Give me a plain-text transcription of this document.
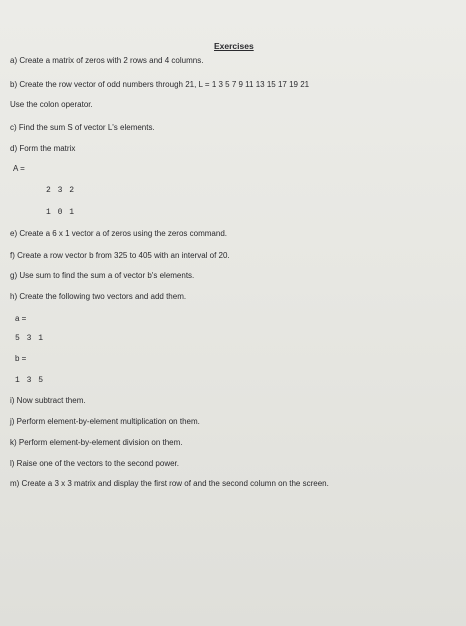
Exercises
a) Create a matrix of zeros with 2 rows and 4 columns.
b) Create the row vector of odd numbers through 21, L = 1 3 5 7 9 11 13 15 17 19 21
Use the colon operator.
c) Find the sum S of vector L's elements.
d) Form the matrix
A =
2 3 2
1 0 1
e) Create a 6 x 1 vector a of zeros using the zeros command.
f) Create a row vector b from 325 to 405 with an interval of 20.
g) Use sum to find the sum a of vector b's elements.
h) Create the following two vectors and add them.
a =
5 3 1
b =
1 3 5
i) Now subtract them.
j) Perform element-by-element multiplication on them.
k) Perform element-by-element division on them.
l) Raise one of the vectors to the second power.
m) Create a 3 x 3 matrix and display the first row of and the second column on the screen.
